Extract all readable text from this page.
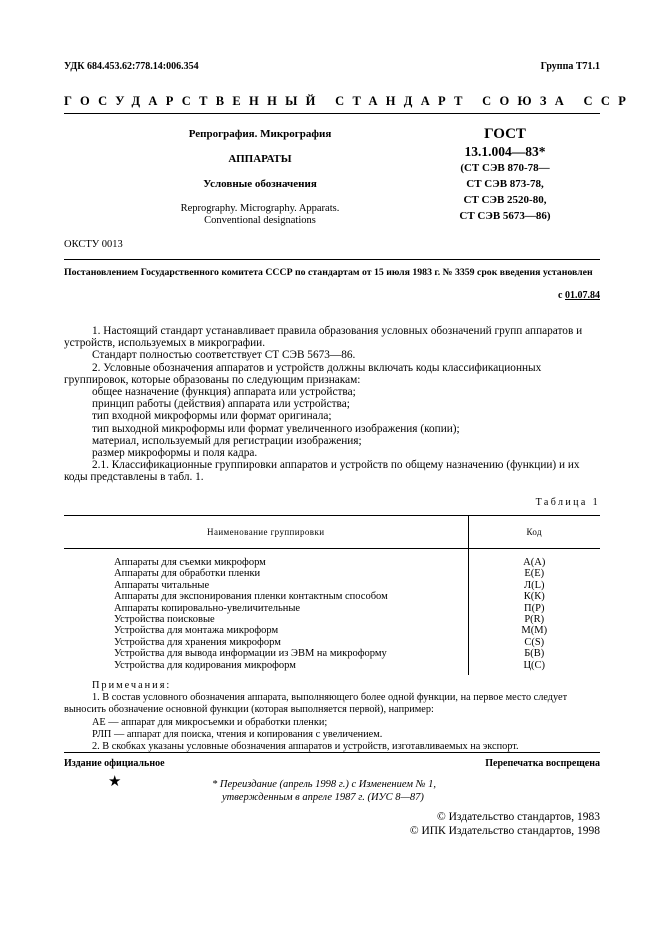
УДК 684.453.62:778.14:006.354	Группа Т71.1
ГОСУДАРСТВЕННЫЙ СТАНДАРТ СОЮЗА ССР
Репрография. Микрография
АППАРАТЫ
Условные обозначения
Reprography. Micrography. Apparats.
Conventional designations
ГОСТ
13.1.004—83*
(СТ СЭВ 870-78—
СТ СЭВ 873-78,
СТ СЭВ 2520-80,
СТ СЭВ 5673—86)
ОКСТУ 0013
Постановлением Государственного комитета СССР по стандартам от 15 июля 1983 г. № 3359 срок введения установлен
с 01.07.84
1. Настоящий стандарт устанавливает правила образования условных обозначений групп аппаратов и устройств, используемых в микрографии.
Стандарт полностью соответствует СТ СЭВ 5673—86.
2. Условные обозначения аппаратов и устройств должны включать коды классификационных группировок, которые образованы по следующим признакам:
общее назначение (функция) аппарата или устройства;
принцип работы (действия) аппарата или устройства;
тип входной микроформы или формат оригинала;
тип выходной микроформы или формат увеличенного изображения (копии);
материал, используемый для регистрации изображения;
размер микроформы и поля кадра.
2.1. Классификационные группировки аппаратов и устройств по общему назначению (функции) и их коды представлены в табл. 1.
Таблица 1
Наименование группировки	Код
Аппараты для съемки микроформ	А(А)
Аппараты для обработки пленки	Е(Е)
Аппараты читальные	Л(L)
Аппараты для экспонирования пленки контактным способом	К(К)
Аппараты копировально-увеличительные	П(Р)
Устройства поисковые	Р(R)
Устройства для монтажа микроформ	М(М)
Устройства для хранения микроформ	С(S)
Устройства для вывода информации из ЭВМ на микроформу	Б(В)
Устройства для кодирования микроформ	Ц(С)
Примечания:
1. В состав условного обозначения аппарата, выполняющего более одной функции, на первое место следует выносить обозначение основной функции (которая выполняется первой), например:
АЕ — аппарат для микросъемки и обработки пленки;
РЛП — аппарат для поиска, чтения и копирования с увеличением.
2. В скобках указаны условные обозначения аппаратов и устройств, изготавливаемых на экспорт.
Издание официальное	Перепечатка воспрещена
★	* Переиздание (апрель 1998 г.) с Изменением № 1,
утвержденным в апреле 1987 г. (ИУС 8—87)
© Издательство стандартов, 1983
© ИПК Издательство стандартов, 1998
